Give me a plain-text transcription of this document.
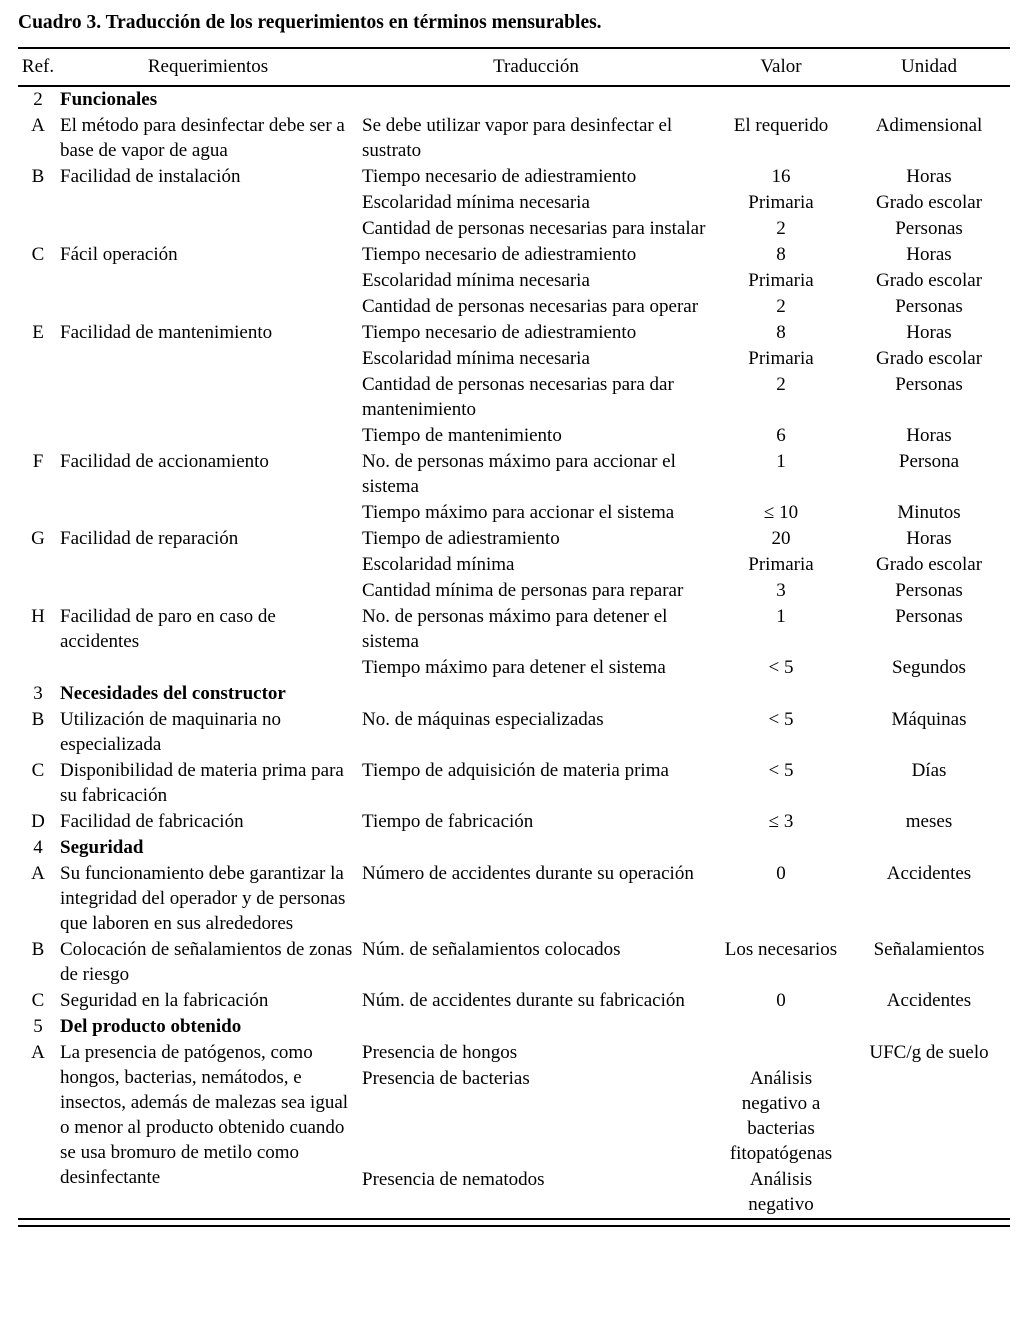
Cuadro 3. Traducción de los requerimientos en términos mensurables.
Ref.	Requerimientos	Traducción	Valor	Unidad
2	Funcionales			
A	El método para desinfectar debe ser a base de vapor de agua	Se debe utilizar vapor para desinfectar el sustrato	El requerido	Adimensional
B	Facilidad de instalación	Tiempo necesario de adiestramiento	16	Horas
		Escolaridad mínima necesaria	Primaria	Grado escolar
		Cantidad de personas necesarias para instalar	2	Personas
C	Fácil operación	Tiempo necesario de adiestramiento	8	Horas
		Escolaridad mínima necesaria	Primaria	Grado escolar
		Cantidad de personas necesarias para operar	2	Personas
E	Facilidad de mantenimiento	Tiempo necesario de adiestramiento	8	Horas
		Escolaridad mínima necesaria	Primaria	Grado escolar
		Cantidad de personas necesarias para dar mantenimiento	2	Personas
		Tiempo de mantenimiento	6	Horas
F	Facilidad de accionamiento	No. de personas máximo para accionar el sistema	1	Persona
		Tiempo máximo para accionar el sistema	≤ 10	Minutos
G	Facilidad de reparación	Tiempo de adiestramiento	20	Horas
		Escolaridad mínima	Primaria	Grado escolar
		Cantidad mínima de personas para reparar	3	Personas
H	Facilidad de paro en caso de accidentes	No. de personas máximo para detener el sistema	1	Personas
		Tiempo máximo para detener el sistema	< 5	Segundos
3	Necesidades del constructor			
B	Utilización de maquinaria no especializada	No. de máquinas especializadas	< 5	Máquinas
C	Disponibilidad de materia prima para su fabricación	Tiempo de adquisición de materia prima	< 5	Días
D	Facilidad de fabricación	Tiempo de fabricación	≤ 3	meses
4	Seguridad			
A	Su funcionamiento debe garantizar la integridad del operador y de personas que laboren en sus alrededores	Número de accidentes durante su operación	0	Accidentes
B	Colocación de señalamientos de zonas de riesgo	Núm. de señalamientos colocados	Los necesarios	Señalamientos
C	Seguridad en la fabricación	Núm. de accidentes durante su fabricación	0	Accidentes
5	Del producto obtenido			
A	La presencia de patógenos, como hongos, bacterias, nemátodos, e insectos, además de malezas sea igual o menor al producto obtenido cuando se usa bromuro de metilo como desinfectante	Presencia de hongos		UFC/g de suelo
		Presencia de bacterias	Análisis negativo a bacterias fitopatógenas	
		Presencia de nematodos	Análisis negativo	
